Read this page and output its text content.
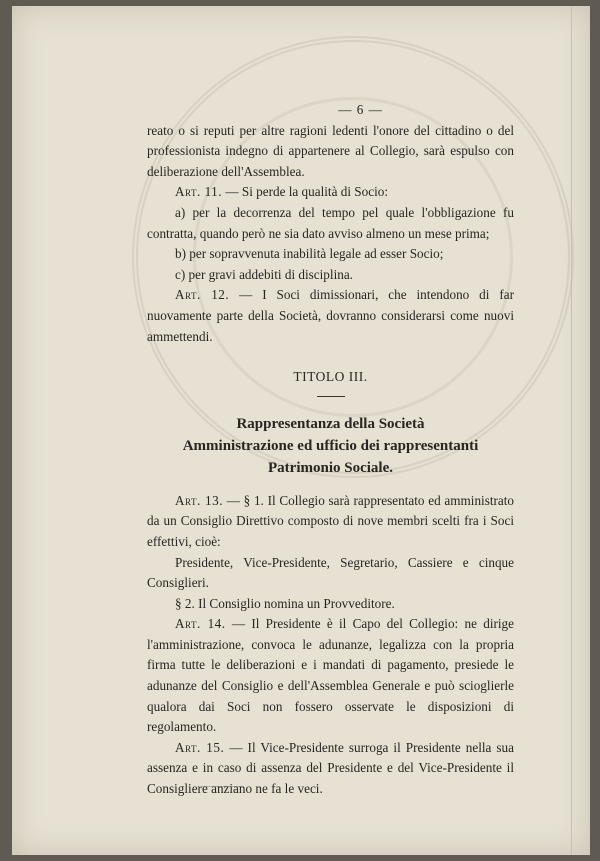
— 6 —

reato o si reputi per altre ragioni ledenti l'onore del cittadino o del professionista indegno di appartenere al Collegio, sarà espulso con deliberazione dell'Assemblea.

Art. 11. — Si perde la qualità di Socio:

a) per la decorrenza del tempo pel quale l'obbligazione fu contratta, quando però ne sia dato avviso almeno un mese prima;

b) per sopravvenuta inabilità legale ad esser Socio;

c) per gravi addebiti di disciplina.

Art. 12. — I Soci dimissionari, che intendono di far nuovamente parte della Società, dovranno considerarsi come nuovi ammettendi.

TITOLO III.
Rappresentanza della Società
Amministrazione ed ufficio dei rappresentanti
Patrimonio Sociale.

Art. 13. — § 1. Il Collegio sarà rappresentato ed amministrato da un Consiglio Direttivo composto di nove membri scelti fra i Soci effettivi, cioè:

Presidente, Vice-Presidente, Segretario, Cassiere e cinque Consiglieri.

§ 2. Il Consiglio nomina un Provveditore.

Art. 14. — Il Presidente è il Capo del Collegio: ne dirige l'amministrazione, convoca le adunanze, legalizza con la propria firma tutte le deliberazioni e i mandati di pagamento, presiede le adunanze del Consiglio e dell'Assemblea Generale e può scioglierle qualora dai Soci non fossero osservate le disposizioni di regolamento.

Art. 15. — Il Vice-Presidente surroga il Presidente nella sua assenza e in caso di assenza del Presidente e del Vice-Presidente il Consigliere anziano ne fa le veci.
